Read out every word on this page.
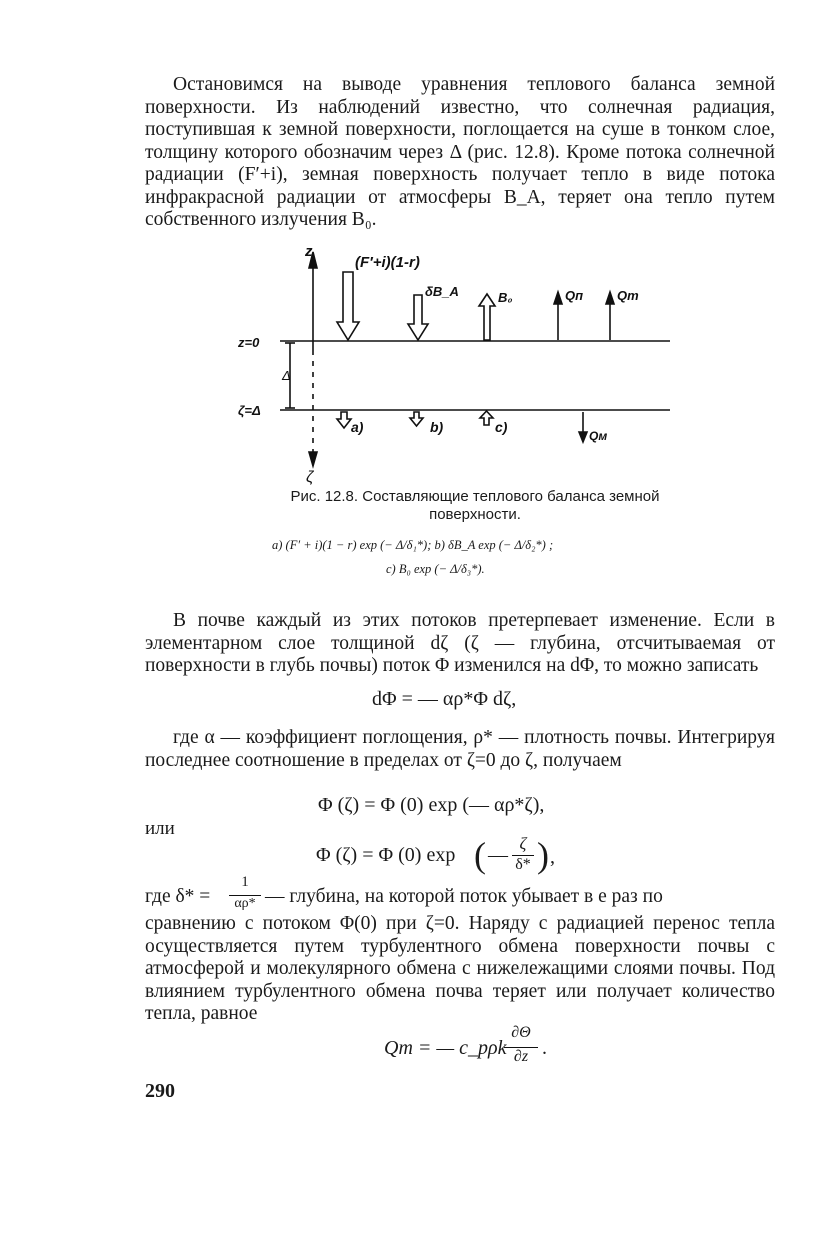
Остановимся на выводе уравнения теплового баланса земной поверхности. Из наблюдений известно, что солнечная радиация, поступившая к земной поверхности, поглощается на суше в тонком слое, толщину которого обозначим через Δ (рис. 12.8). Кроме потока солнечной радиации (F′+i), земная поверхность получает тепло в виде потока инфракрасной радиации от атмосферы B_A, теряет она тепло путем собственного излучения B₀.

z
ζ
z=0
ζ=Δ
Δ
(F′+i)(1-r)
δB_A	B₀	Qп	Qт
Qм
a)	b)	c)
Рис. 12.8. Составляющие теплового баланса земной
поверхности.
a) (F′ + i)(1 − r) exp (− Δ/δ₁*); b) δB_A exp (− Δ/δ₂*) ;
c) B₀ exp (− Δ/δ₃*).

В почве каждый из этих потоков претерпевает изменение. Если в элементарном слое толщиной dζ (ζ — глубина, отсчитываемая от поверхности в глубь почвы) поток Φ изменился на dΦ, то можно записать

dΦ = — αρ*Φ dζ,

где α — коэффициент поглощения, ρ* — плотность почвы. Интегрируя последнее соотношение в пределах от ζ=0 до ζ, получаем

Φ (ζ) = Φ (0) exp (— αρ*ζ),
или
Φ (ζ) = Φ (0) exp ( —
ζ
δ* ) ,
где δ* =
1
αρ* — глубина, на которой поток убывает в e раз по

сравнению с потоком Φ(0) при ζ=0. Наряду с радиацией перенос тепла осуществляется путем турбулентного обмена поверхности почвы с атмосферой и молекулярного обмена с нижележащими слоями почвы. Под влиянием турбулентного обмена почва теряет или получает количество тепла, равное

Qт = — c_pρk
∂Θ
∂z .
290
